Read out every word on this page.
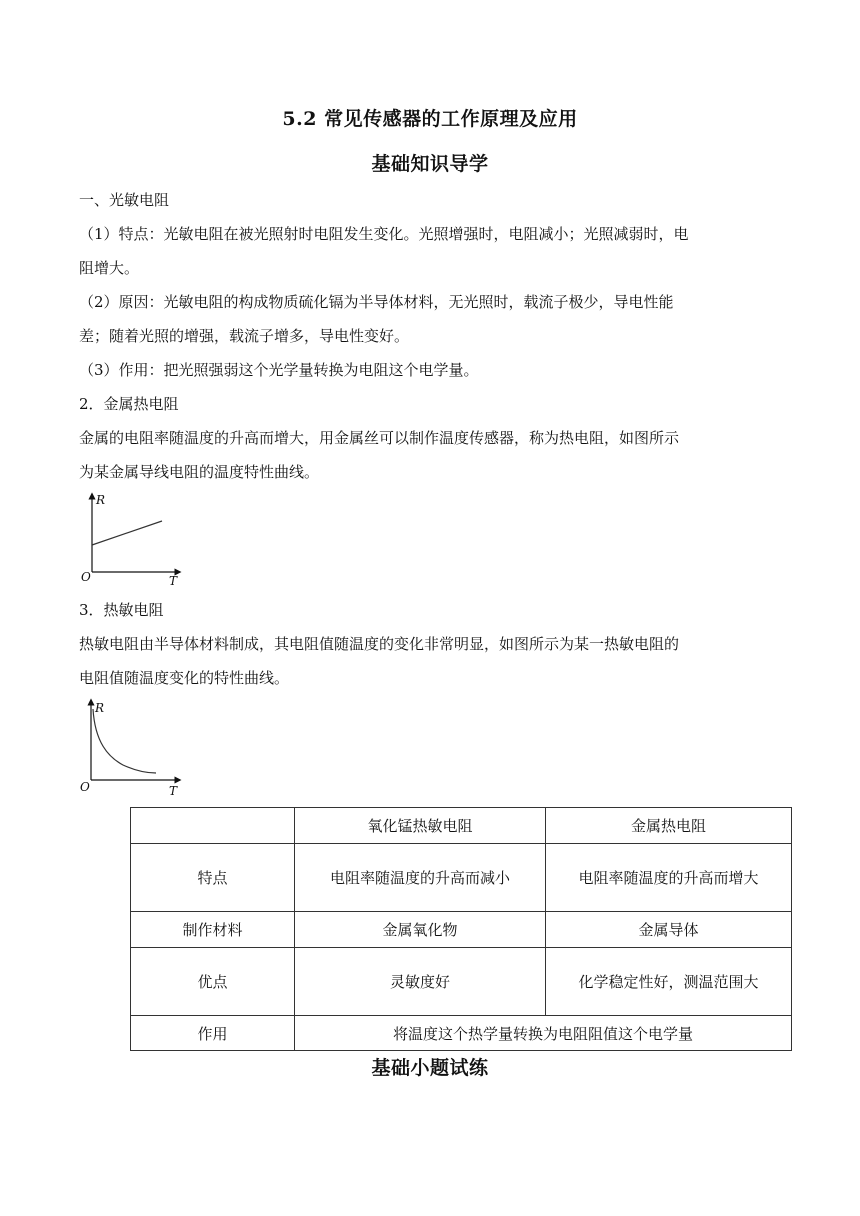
5.2 常见传感器的工作原理及应用
基础知识导学

一、光敏电阻

（1）特点：光敏电阻在被光照射时电阻发生变化。光照增强时，电阻减小；光照减弱时，电

阻增大。

（2）原因：光敏电阻的构成物质硫化镉为半导体材料，无光照时，载流子极少，导电性能

差；随着光照的增强，载流子增多，导电性变好。

（3）作用：把光照强弱这个光学量转换为电阻这个电学量。

2．金属热电阻

金属的电阻率随温度的升高而增大，用金属丝可以制作温度传感器，称为热电阻，如图所示

为某金属导线电阻的温度特性曲线。

R
T
O

3．热敏电阻

热敏电阻由半导体材料制成，其电阻值随温度的变化非常明显，如图所示为某一热敏电阻的

电阻值随温度变化的特性曲线。

R
T
O
	氧化锰热敏电阻	金属热电阻
特点	电阻率随温度的升高而减小	电阻率随温度的升高而增大
制作材料	金属氧化物	金属导体
优点	灵敏度好	化学稳定性好，测温范围大
作用	将温度这个热学量转换为电阻阻值这个电学量	
基础小题试练
